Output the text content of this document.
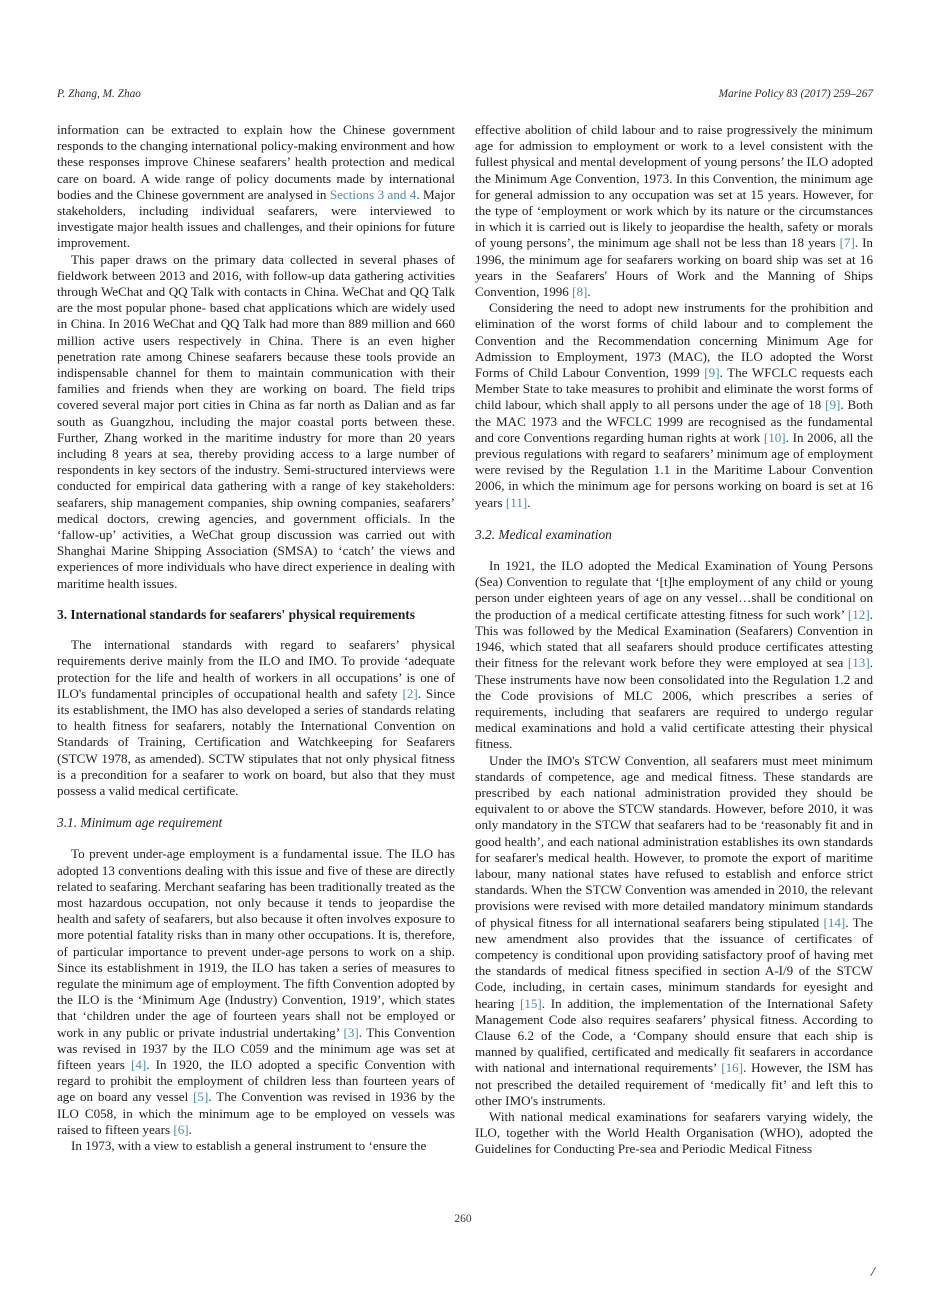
P. Zhang, M. Zhao	Marine Policy 83 (2017) 259–267

information can be extracted to explain how the Chinese government responds to the changing international policy-making environment and how these responses improve Chinese seafarers’ health protection and medical care on board. A wide range of policy documents made by international bodies and the Chinese government are analysed in Sections 3 and 4. Major stakeholders, including individual seafarers, were interviewed to investigate major health issues and challenges, and their opinions for future improvement.

This paper draws on the primary data collected in several phases of fieldwork between 2013 and 2016, with follow-up data gathering activities through WeChat and QQ Talk with contacts in China. WeChat and QQ Talk are the most popular phone- based chat applications which are widely used in China. In 2016 WeChat and QQ Talk had more than 889 million and 660 million active users respectively in China. There is an even higher penetration rate among Chinese seafarers because these tools provide an indispensable channel for them to maintain communication with their families and friends when they are working on board. The field trips covered several major port cities in China as far north as Dalian and as far south as Guangzhou, including the major coastal ports between these. Further, Zhang worked in the maritime industry for more than 20 years including 8 years at sea, thereby providing access to a large number of respondents in key sectors of the industry. Semi-structured interviews were conducted for empirical data gathering with a range of key stakeholders: seafarers, ship management companies, ship owning companies, seafarers’ medical doctors, crewing agencies, and government officials. In the ‘fallow-up’ activities, a WeChat group discussion was carried out with Shanghai Marine Shipping Association (SMSA) to ‘catch’ the views and experiences of more individuals who have direct experience in dealing with maritime health issues.

3. International standards for seafarers' physical requirements

The international standards with regard to seafarers’ physical requirements derive mainly from the ILO and IMO. To provide ‘adequate protection for the life and health of workers in all occupations’ is one of ILO's fundamental principles of occupational health and safety [2]. Since its establishment, the IMO has also developed a series of standards relating to health fitness for seafarers, notably the International Convention on Standards of Training, Certification and Watchkeeping for Seafarers (STCW 1978, as amended). SCTW stipulates that not only physical fitness is a precondition for a seafarer to work on board, but also that they must possess a valid medical certificate.

3.1. Minimum age requirement

To prevent under-age employment is a fundamental issue. The ILO has adopted 13 conventions dealing with this issue and five of these are directly related to seafaring. Merchant seafaring has been traditionally treated as the most hazardous occupation, not only because it tends to jeopardise the health and safety of seafarers, but also because it often involves exposure to more potential fatality risks than in many other occupations. It is, therefore, of particular importance to prevent under-age persons to work on a ship. Since its establishment in 1919, the ILO has taken a series of measures to regulate the minimum age of employment. The fifth Convention adopted by the ILO is the ‘Minimum Age (Industry) Convention, 1919’, which states that ‘children under the age of fourteen years shall not be employed or work in any public or private industrial undertaking’ [3]. This Convention was revised in 1937 by the ILO C059 and the minimum age was set at fifteen years [4]. In 1920, the ILO adopted a specific Convention with regard to prohibit the employment of children less than fourteen years of age on board any vessel [5]. The Convention was revised in 1936 by the ILO C058, in which the minimum age to be employed on vessels was raised to fifteen years [6].

In 1973, with a view to establish a general instrument to ‘ensure the

effective abolition of child labour and to raise progressively the minimum age for admission to employment or work to a level consistent with the fullest physical and mental development of young persons’ the ILO adopted the Minimum Age Convention, 1973. In this Convention, the minimum age for general admission to any occupation was set at 15 years. However, for the type of ‘employment or work which by its nature or the circumstances in which it is carried out is likely to jeopardise the health, safety or morals of young persons’, the minimum age shall not be less than 18 years [7]. In 1996, the minimum age for seafarers working on board ship was set at 16 years in the Seafarers' Hours of Work and the Manning of Ships Convention, 1996 [8].

Considering the need to adopt new instruments for the prohibition and elimination of the worst forms of child labour and to complement the Convention and the Recommendation concerning Minimum Age for Admission to Employment, 1973 (MAC), the ILO adopted the Worst Forms of Child Labour Convention, 1999 [9]. The WFCLC requests each Member State to take measures to prohibit and eliminate the worst forms of child labour, which shall apply to all persons under the age of 18 [9]. Both the MAC 1973 and the WFCLC 1999 are recognised as the fundamental and core Conventions regarding human rights at work [10]. In 2006, all the previous regulations with regard to seafarers’ minimum age of employment were revised by the Regulation 1.1 in the Maritime Labour Convention 2006, in which the minimum age for persons working on board is set at 16 years [11].

3.2. Medical examination

In 1921, the ILO adopted the Medical Examination of Young Persons (Sea) Convention to regulate that ‘[t]he employment of any child or young person under eighteen years of age on any vessel…shall be conditional on the production of a medical certificate attesting fitness for such work’ [12]. This was followed by the Medical Examination (Seafarers) Convention in 1946, which stated that all seafarers should produce certificates attesting their fitness for the relevant work before they were employed at sea [13]. These instruments have now been consolidated into the Regulation 1.2 and the Code provisions of MLC 2006, which prescribes a series of requirements, including that seafarers are required to undergo regular medical examinations and hold a valid certificate attesting their physical fitness.

Under the IMO's STCW Convention, all seafarers must meet minimum standards of competence, age and medical fitness. These standards are prescribed by each national administration provided they should be equivalent to or above the STCW standards. However, before 2010, it was only mandatory in the STCW that seafarers had to be ‘reasonably fit and in good health’, and each national administration establishes its own standards for seafarer's medical health. However, to promote the export of maritime labour, many national states have refused to establish and enforce strict standards. When the STCW Convention was amended in 2010, the relevant provisions were revised with more detailed mandatory minimum standards of physical fitness for all international seafarers being stipulated [14]. The new amendment also provides that the issuance of certificates of competency is conditional upon providing satisfactory proof of having met the standards of medical fitness specified in section A-I/9 of the STCW Code, including, in certain cases, minimum standards for eyesight and hearing [15]. In addition, the implementation of the International Safety Management Code also requires seafarers’ physical fitness. According to Clause 6.2 of the Code, a ‘Company should ensure that each ship is manned by qualified, certificated and medically fit seafarers in accordance with national and international requirements’ [16]. However, the ISM has not prescribed the detailed requirement of ‘medically fit’ and left this to other IMO's instruments.

With national medical examinations for seafarers varying widely, the ILO, together with the World Health Organisation (WHO), adopted the Guidelines for Conducting Pre-sea and Periodic Medical Fitness

260
/
